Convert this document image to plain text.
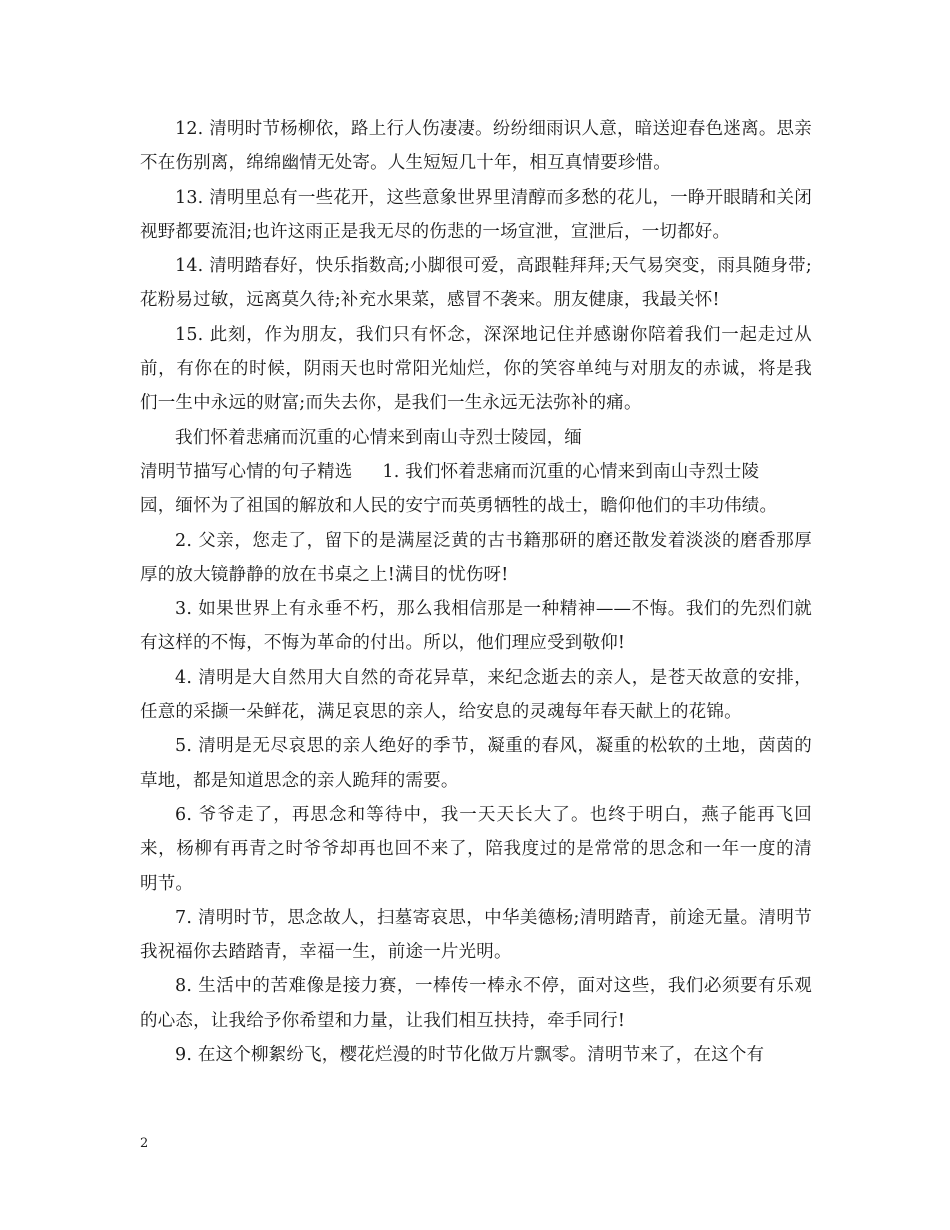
12. 清明时节杨柳依，路上行人伤凄凄。纷纷细雨识人意，暗送迎春色迷离。思亲不在伤别离，绵绵幽情无处寄。人生短短几十年，相互真情要珍惜。

13. 清明里总有一些花开，这些意象世界里清醇而多愁的花儿，一睁开眼睛和关闭视野都要流泪;也许这雨正是我无尽的伤悲的一场宣泄，宣泄后，一切都好。

14. 清明踏春好，快乐指数高;小脚很可爱，高跟鞋拜拜;天气易突变，雨具随身带;花粉易过敏，远离莫久待;补充水果菜，感冒不袭来。朋友健康，我最关怀!

15. 此刻，作为朋友，我们只有怀念，深深地记住并感谢你陪着我们一起走过从前，有你在的时候，阴雨天也时常阳光灿烂，你的笑容单纯与对朋友的赤诚，将是我们一生中永远的财富;而失去你，是我们一生永远无法弥补的痛。

我们怀着悲痛而沉重的心情来到南山寺烈士陵园，缅

清明节描写心情的句子精选 1. 我们怀着悲痛而沉重的心情来到南山寺烈士陵

园，缅怀为了祖国的解放和人民的安宁而英勇牺牲的战士，瞻仰他们的丰功伟绩。

2. 父亲，您走了，留下的是满屋泛黄的古书籍那研的磨还散发着淡淡的磨香那厚厚的放大镜静静的放在书桌之上!满目的忧伤呀!

3. 如果世界上有永垂不朽，那么我相信那是一种精神——不悔。我们的先烈们就有这样的不悔，不悔为革命的付出。所以，他们理应受到敬仰!

4. 清明是大自然用大自然的奇花异草，来纪念逝去的亲人，是苍天故意的安排，任意的采撷一朵鲜花，满足哀思的亲人，给安息的灵魂每年春天献上的花锦。

5. 清明是无尽哀思的亲人绝好的季节，凝重的春风，凝重的松软的土地，茵茵的草地，都是知道思念的亲人跪拜的需要。

6. 爷爷走了，再思念和等待中，我一天天长大了。也终于明白，燕子能再飞回来，杨柳有再青之时爷爷却再也回不来了，陪我度过的是常常的思念和一年一度的清明节。

7. 清明时节，思念故人，扫墓寄哀思，中华美德杨;清明踏青，前途无量。清明节我祝福你去踏踏青，幸福一生，前途一片光明。

8. 生活中的苦难像是接力赛，一棒传一棒永不停，面对这些，我们必须要有乐观的心态，让我给予你希望和力量，让我们相互扶持，牵手同行!

9. 在这个柳絮纷飞，樱花烂漫的时节化做万片飘零。清明节来了，在这个有

2
